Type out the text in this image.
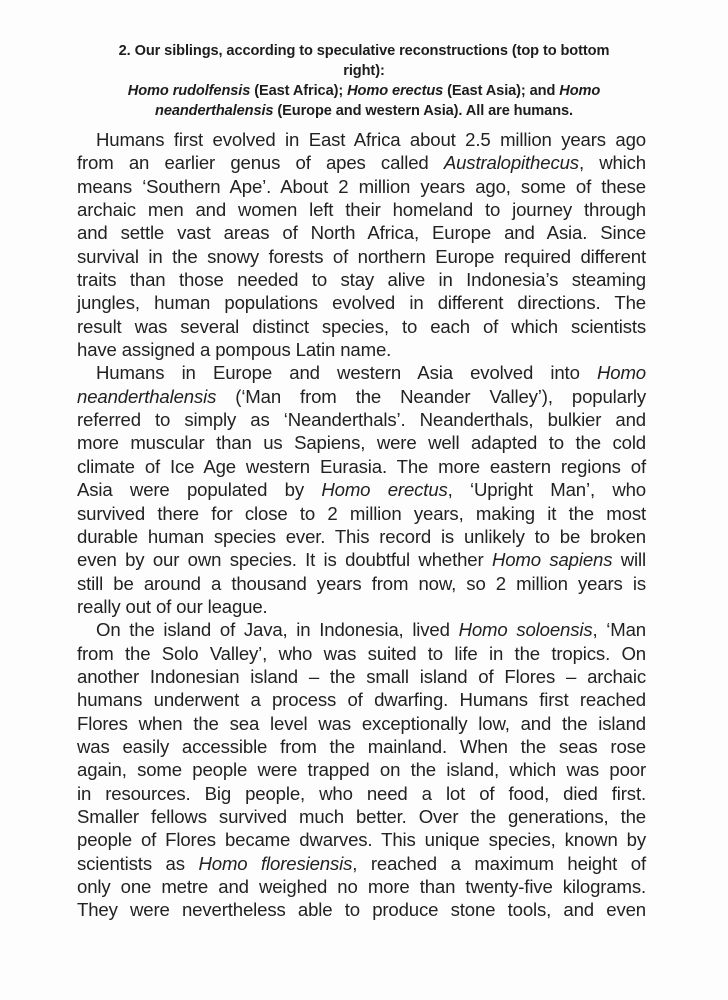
2. Our siblings, according to speculative reconstructions (top to bottom
right):
Homo rudolfensis (East Africa); Homo erectus (East Asia); and Homo
neanderthalensis (Europe and western Asia). All are humans.
Humans first evolved in East Africa about 2.5 million years ago
from an earlier genus of apes called Australopithecus, which
means ‘Southern Ape’. About 2 million years ago, some of these
archaic men and women left their homeland to journey through
and settle vast areas of North Africa, Europe and Asia. Since
survival in the snowy forests of northern Europe required different
traits than those needed to stay alive in Indonesia’s steaming
jungles, human populations evolved in different directions. The
result was several distinct species, to each of which scientists
have assigned a pompous Latin name.
Humans in Europe and western Asia evolved into Homo
neanderthalensis (‘Man from the Neander Valley’), popularly
referred to simply as ‘Neanderthals’. Neanderthals, bulkier and
more muscular than us Sapiens, were well adapted to the cold
climate of Ice Age western Eurasia. The more eastern regions of
Asia were populated by Homo erectus, ‘Upright Man’, who
survived there for close to 2 million years, making it the most
durable human species ever. This record is unlikely to be broken
even by our own species. It is doubtful whether Homo sapiens will
still be around a thousand years from now, so 2 million years is
really out of our league.
On the island of Java, in Indonesia, lived Homo soloensis, ‘Man
from the Solo Valley’, who was suited to life in the tropics. On
another Indonesian island – the small island of Flores – archaic
humans underwent a process of dwarfing. Humans first reached
Flores when the sea level was exceptionally low, and the island
was easily accessible from the mainland. When the seas rose
again, some people were trapped on the island, which was poor
in resources. Big people, who need a lot of food, died first.
Smaller fellows survived much better. Over the generations, the
people of Flores became dwarves. This unique species, known by
scientists as Homo floresiensis, reached a maximum height of
only one metre and weighed no more than twenty-five kilograms.
They were nevertheless able to produce stone tools, and even
